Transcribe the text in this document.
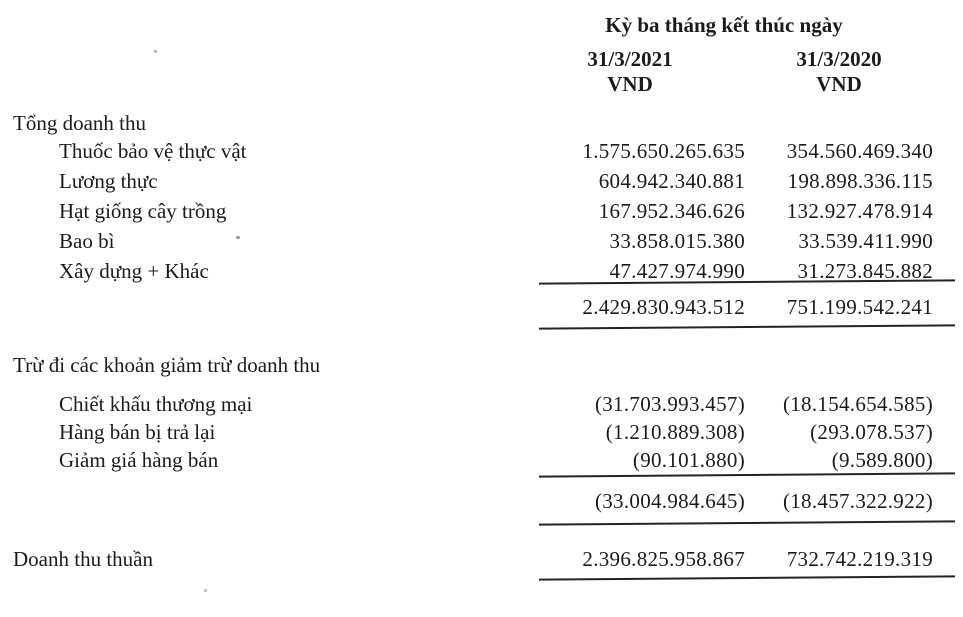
Kỳ ba tháng kết thúc ngày
31/3/2021	31/3/2020
VND	VND
Tổng doanh thu
Thuốc bảo vệ thực vật	1.575.650.265.635	354.560.469.340
Lương thực	604.942.340.881	198.898.336.115
Hạt giống cây trồng	167.952.346.626	132.927.478.914
Bao bì	33.858.015.380	33.539.411.990
Xây dựng + Khác	47.427.974.990	31.273.845.882
2.429.830.943.512	751.199.542.241
Trừ đi các khoản giảm trừ doanh thu
Chiết khấu thương mại	(31.703.993.457)	(18.154.654.585)
Hàng bán bị trả lại	(1.210.889.308)	(293.078.537)
Giảm giá hàng bán	(90.101.880)	(9.589.800)
(33.004.984.645)	(18.457.322.922)
Doanh thu thuần	2.396.825.958.867	732.742.219.319
